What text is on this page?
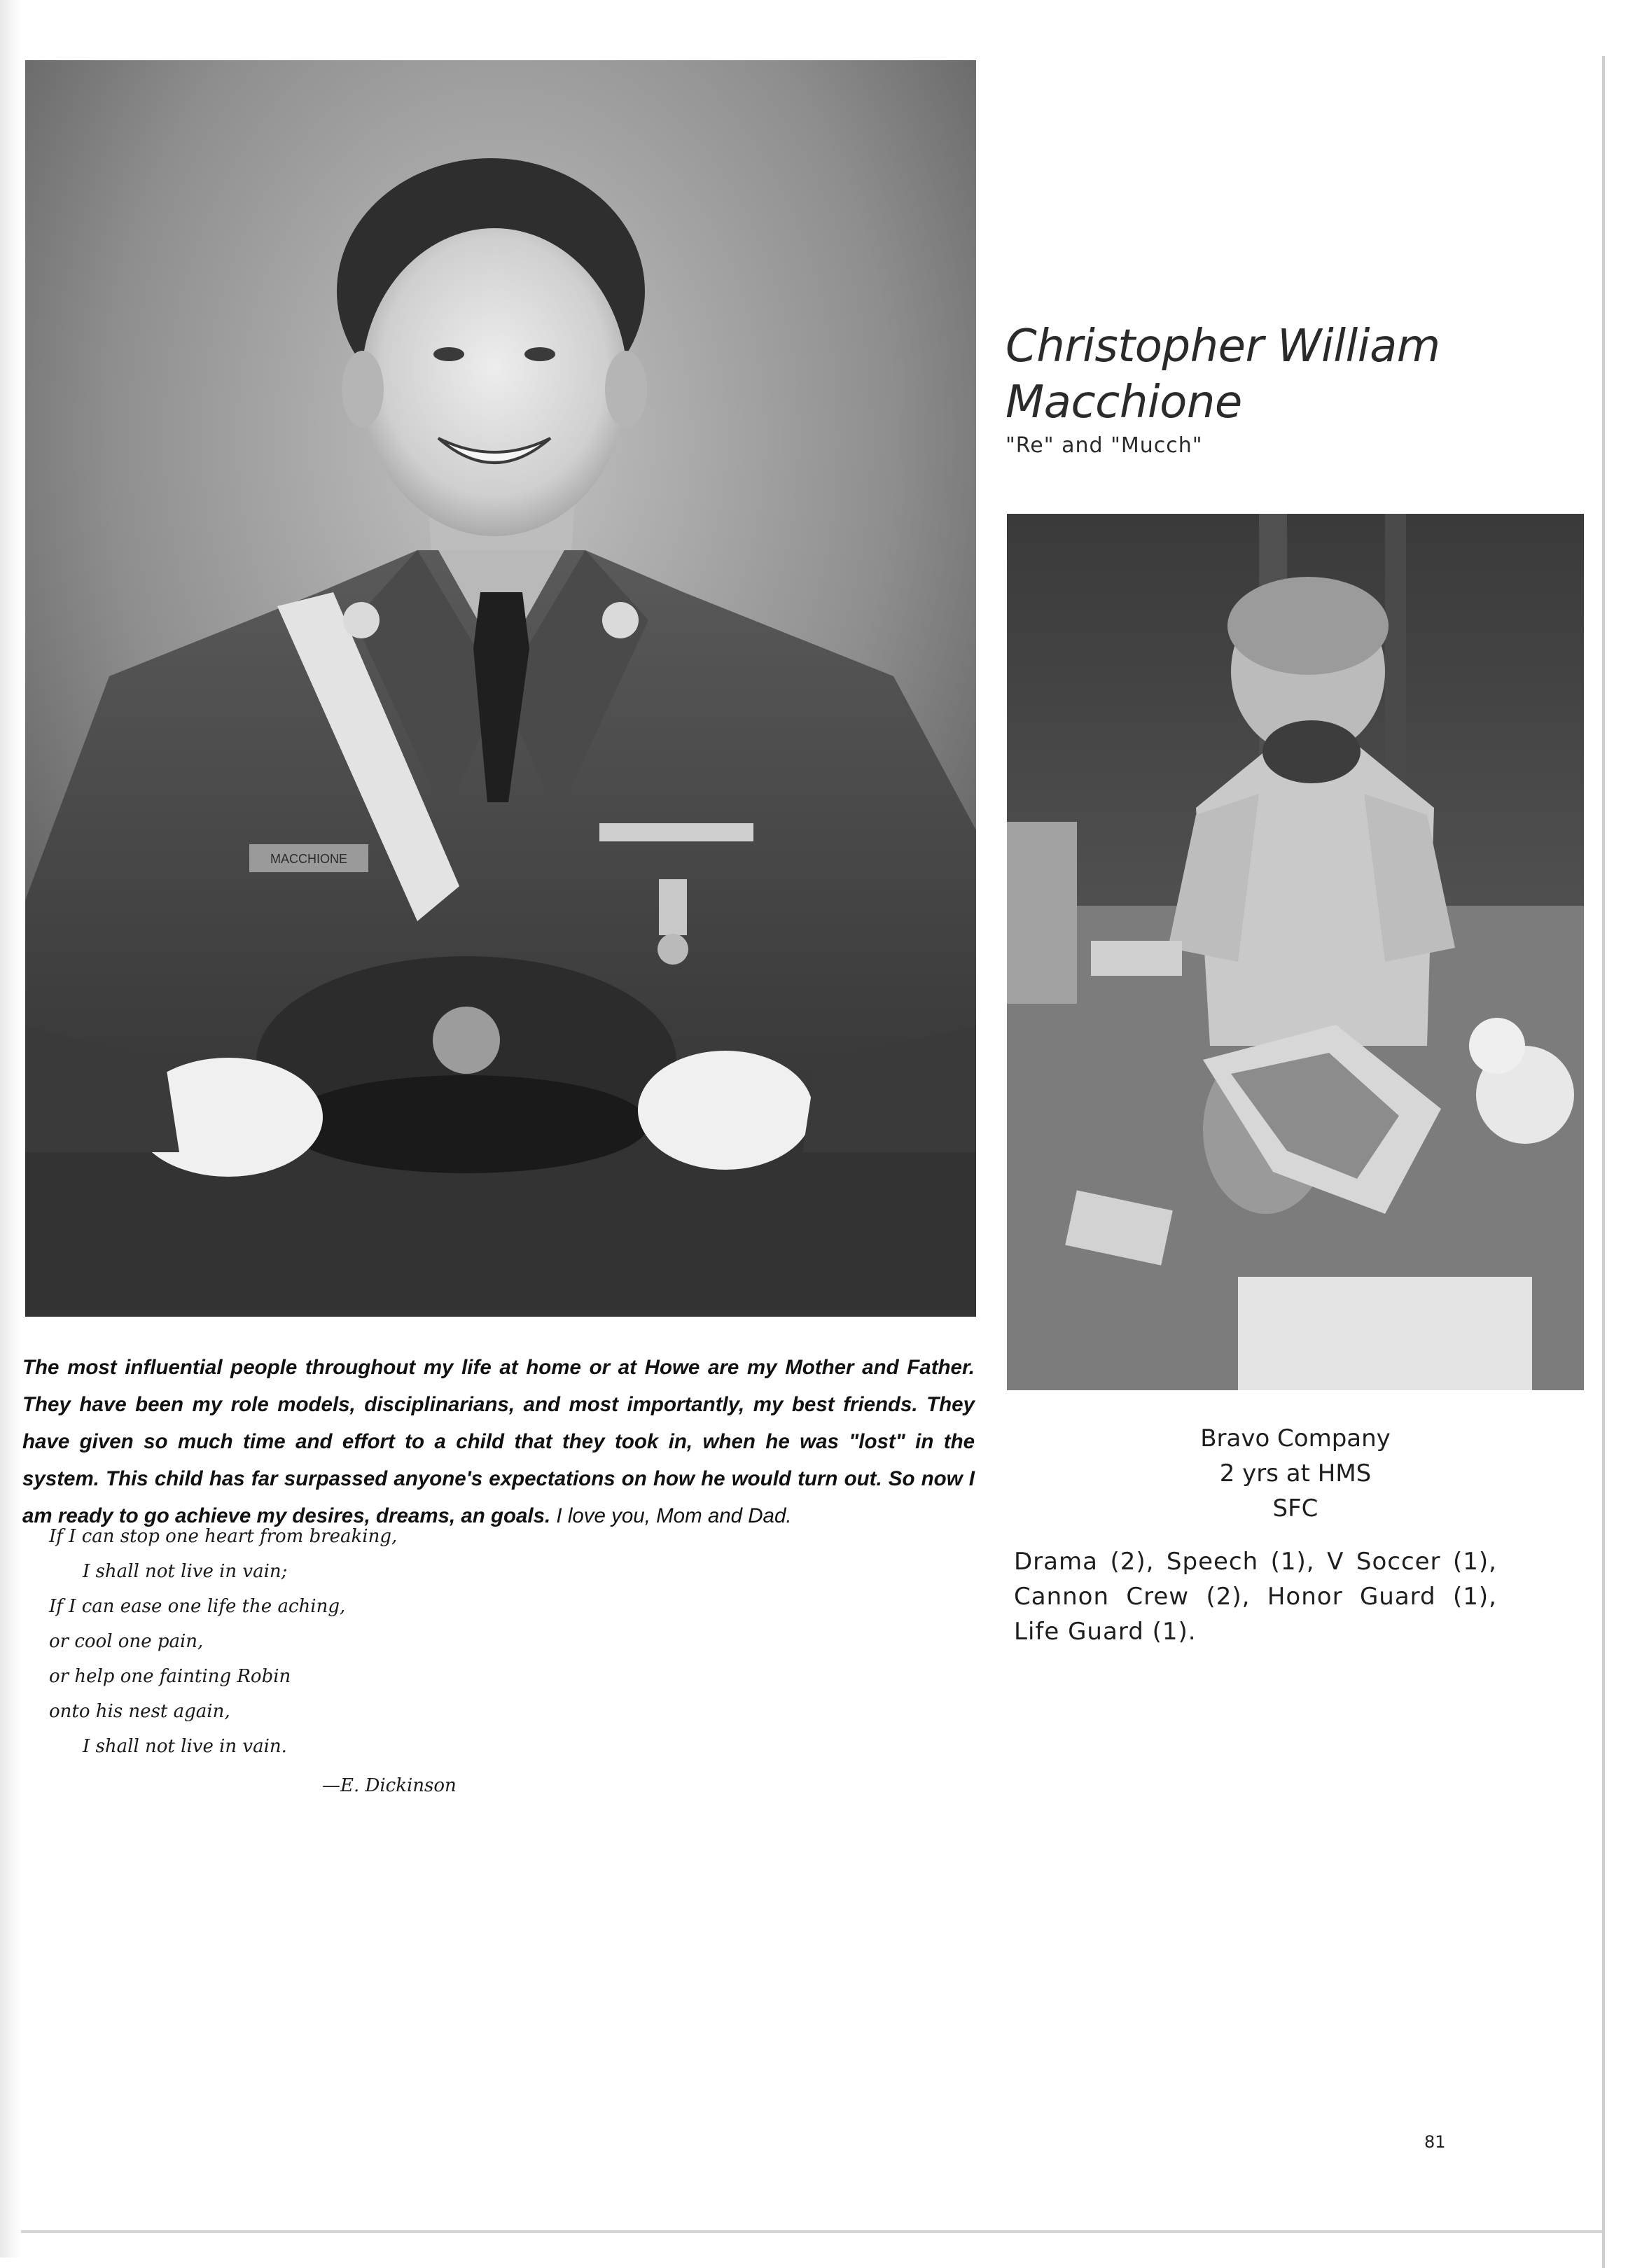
MACCHIONE
Christopher William
Macchione
"Re" and "Mucch"
Bravo Company
2 yrs at HMS
SFC
Drama (2), Speech (1), V Soccer (1), Cannon Crew (2), Honor Guard (1), Life Guard (1).
The most influential people throughout my life at home or at Howe are my Mother and Father. They have been my role models, disciplinarians, and most importantly, my best friends. They have given so much time and effort to a child that they took in, when he was "lost" in the system. This child has far surpassed anyone's expectations on how he would turn out. So now I am ready to go achieve my desires, dreams, an goals. I love you, Mom and Dad.
If I can stop one heart from breaking,
I shall not live in vain;
If I can ease one life the aching,
or cool one pain,
or help one fainting Robin
onto his nest again,
I shall not live in vain.
—E. Dickinson
81
